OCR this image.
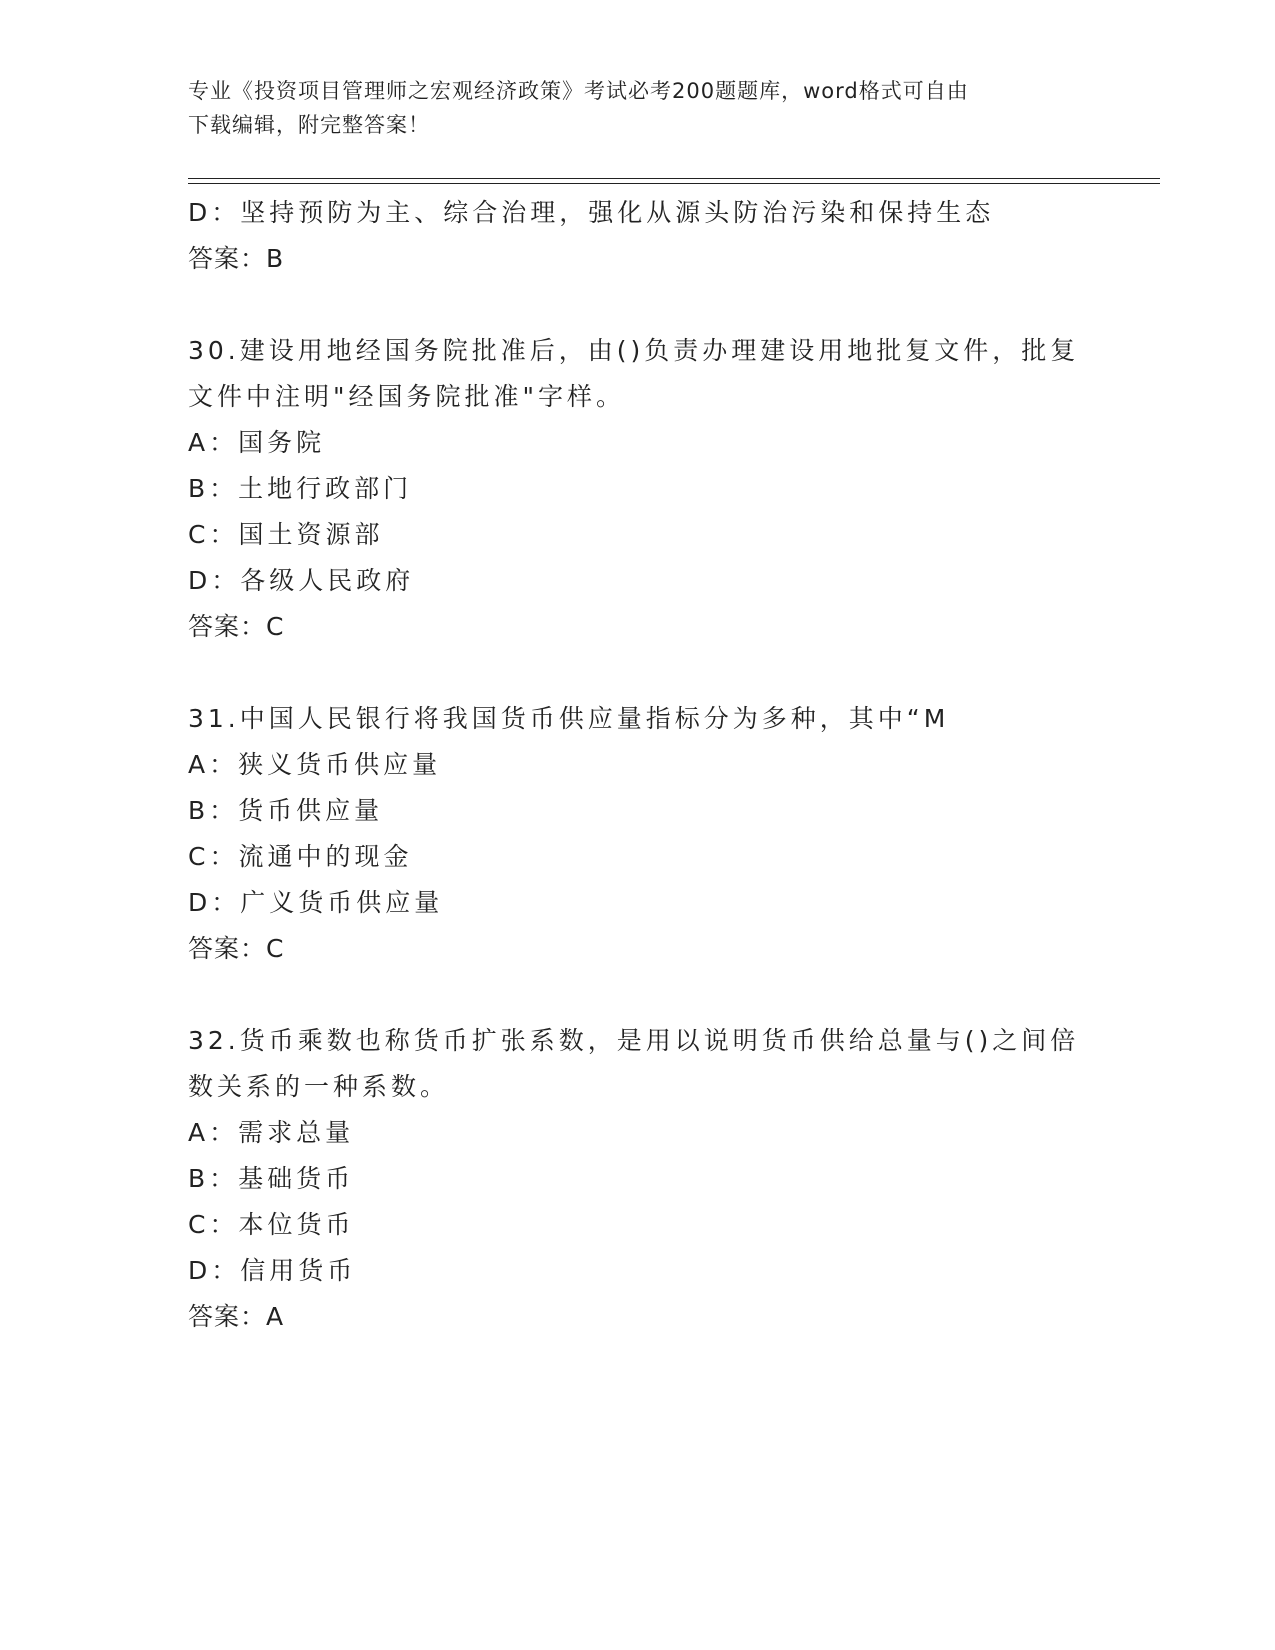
专业《投资项目管理师之宏观经济政策》考试必考200题题库，word格式可自由
下载编辑，附完整答案！
D：坚持预防为主、综合治理，强化从源头防治污染和保持生态
答案：B
30.建设用地经国务院批准后，由()负责办理建设用地批复文件，批复
文件中注明"经国务院批准"字样。
A：国务院
B：土地行政部门
C：国土资源部
D：各级人民政府
答案：C
31.中国人民银行将我国货币供应量指标分为多种，其中“M
A：狭义货币供应量
B：货币供应量
C：流通中的现金
D：广义货币供应量
答案：C
32.货币乘数也称货币扩张系数，是用以说明货币供给总量与()之间倍
数关系的一种系数。
A：需求总量
B：基础货币
C：本位货币
D：信用货币
答案：A
